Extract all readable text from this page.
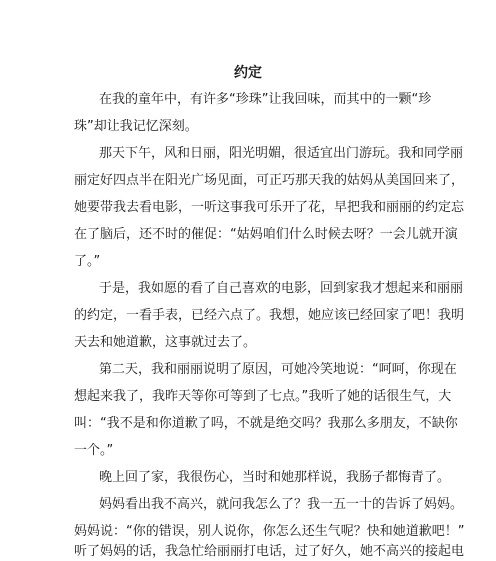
约定
在我的童年中，有许多“珍珠”让我回味，而其中的一颗“珍
珠”却让我记忆深刻。
那天下午，风和日丽，阳光明媚，很适宜出门游玩。我和同学丽
丽定好四点半在阳光广场见面，可正巧那天我的姑妈从美国回来了，
她要带我去看电影，一听这事我可乐开了花，早把我和丽丽的约定忘
在了脑后，还不时的催促：“姑妈咱们什么时候去呀？一会儿就开演
了。”
于是，我如愿的看了自己喜欢的电影，回到家我才想起来和丽丽
的约定，一看手表，已经六点了。我想，她应该已经回家了吧！我明
天去和她道歉，这事就过去了。
第二天，我和丽丽说明了原因，可她冷笑地说：“呵呵，你现在
想起来我了，我昨天等你可等到了七点。”我听了她的话很生气，大
叫：“我不是和你道歉了吗，不就是绝交吗？我那么多朋友，不缺你
一个。”
晚上回了家，我很伤心，当时和她那样说，我肠子都悔青了。
妈妈看出我不高兴，就问我怎么了？我一五一十的告诉了妈妈。
妈妈说：“你的错误，别人说你，你怎么还生气呢？快和她道歉吧！”
听了妈妈的话，我急忙给丽丽打电话，过了好久，她不高兴的接起电
